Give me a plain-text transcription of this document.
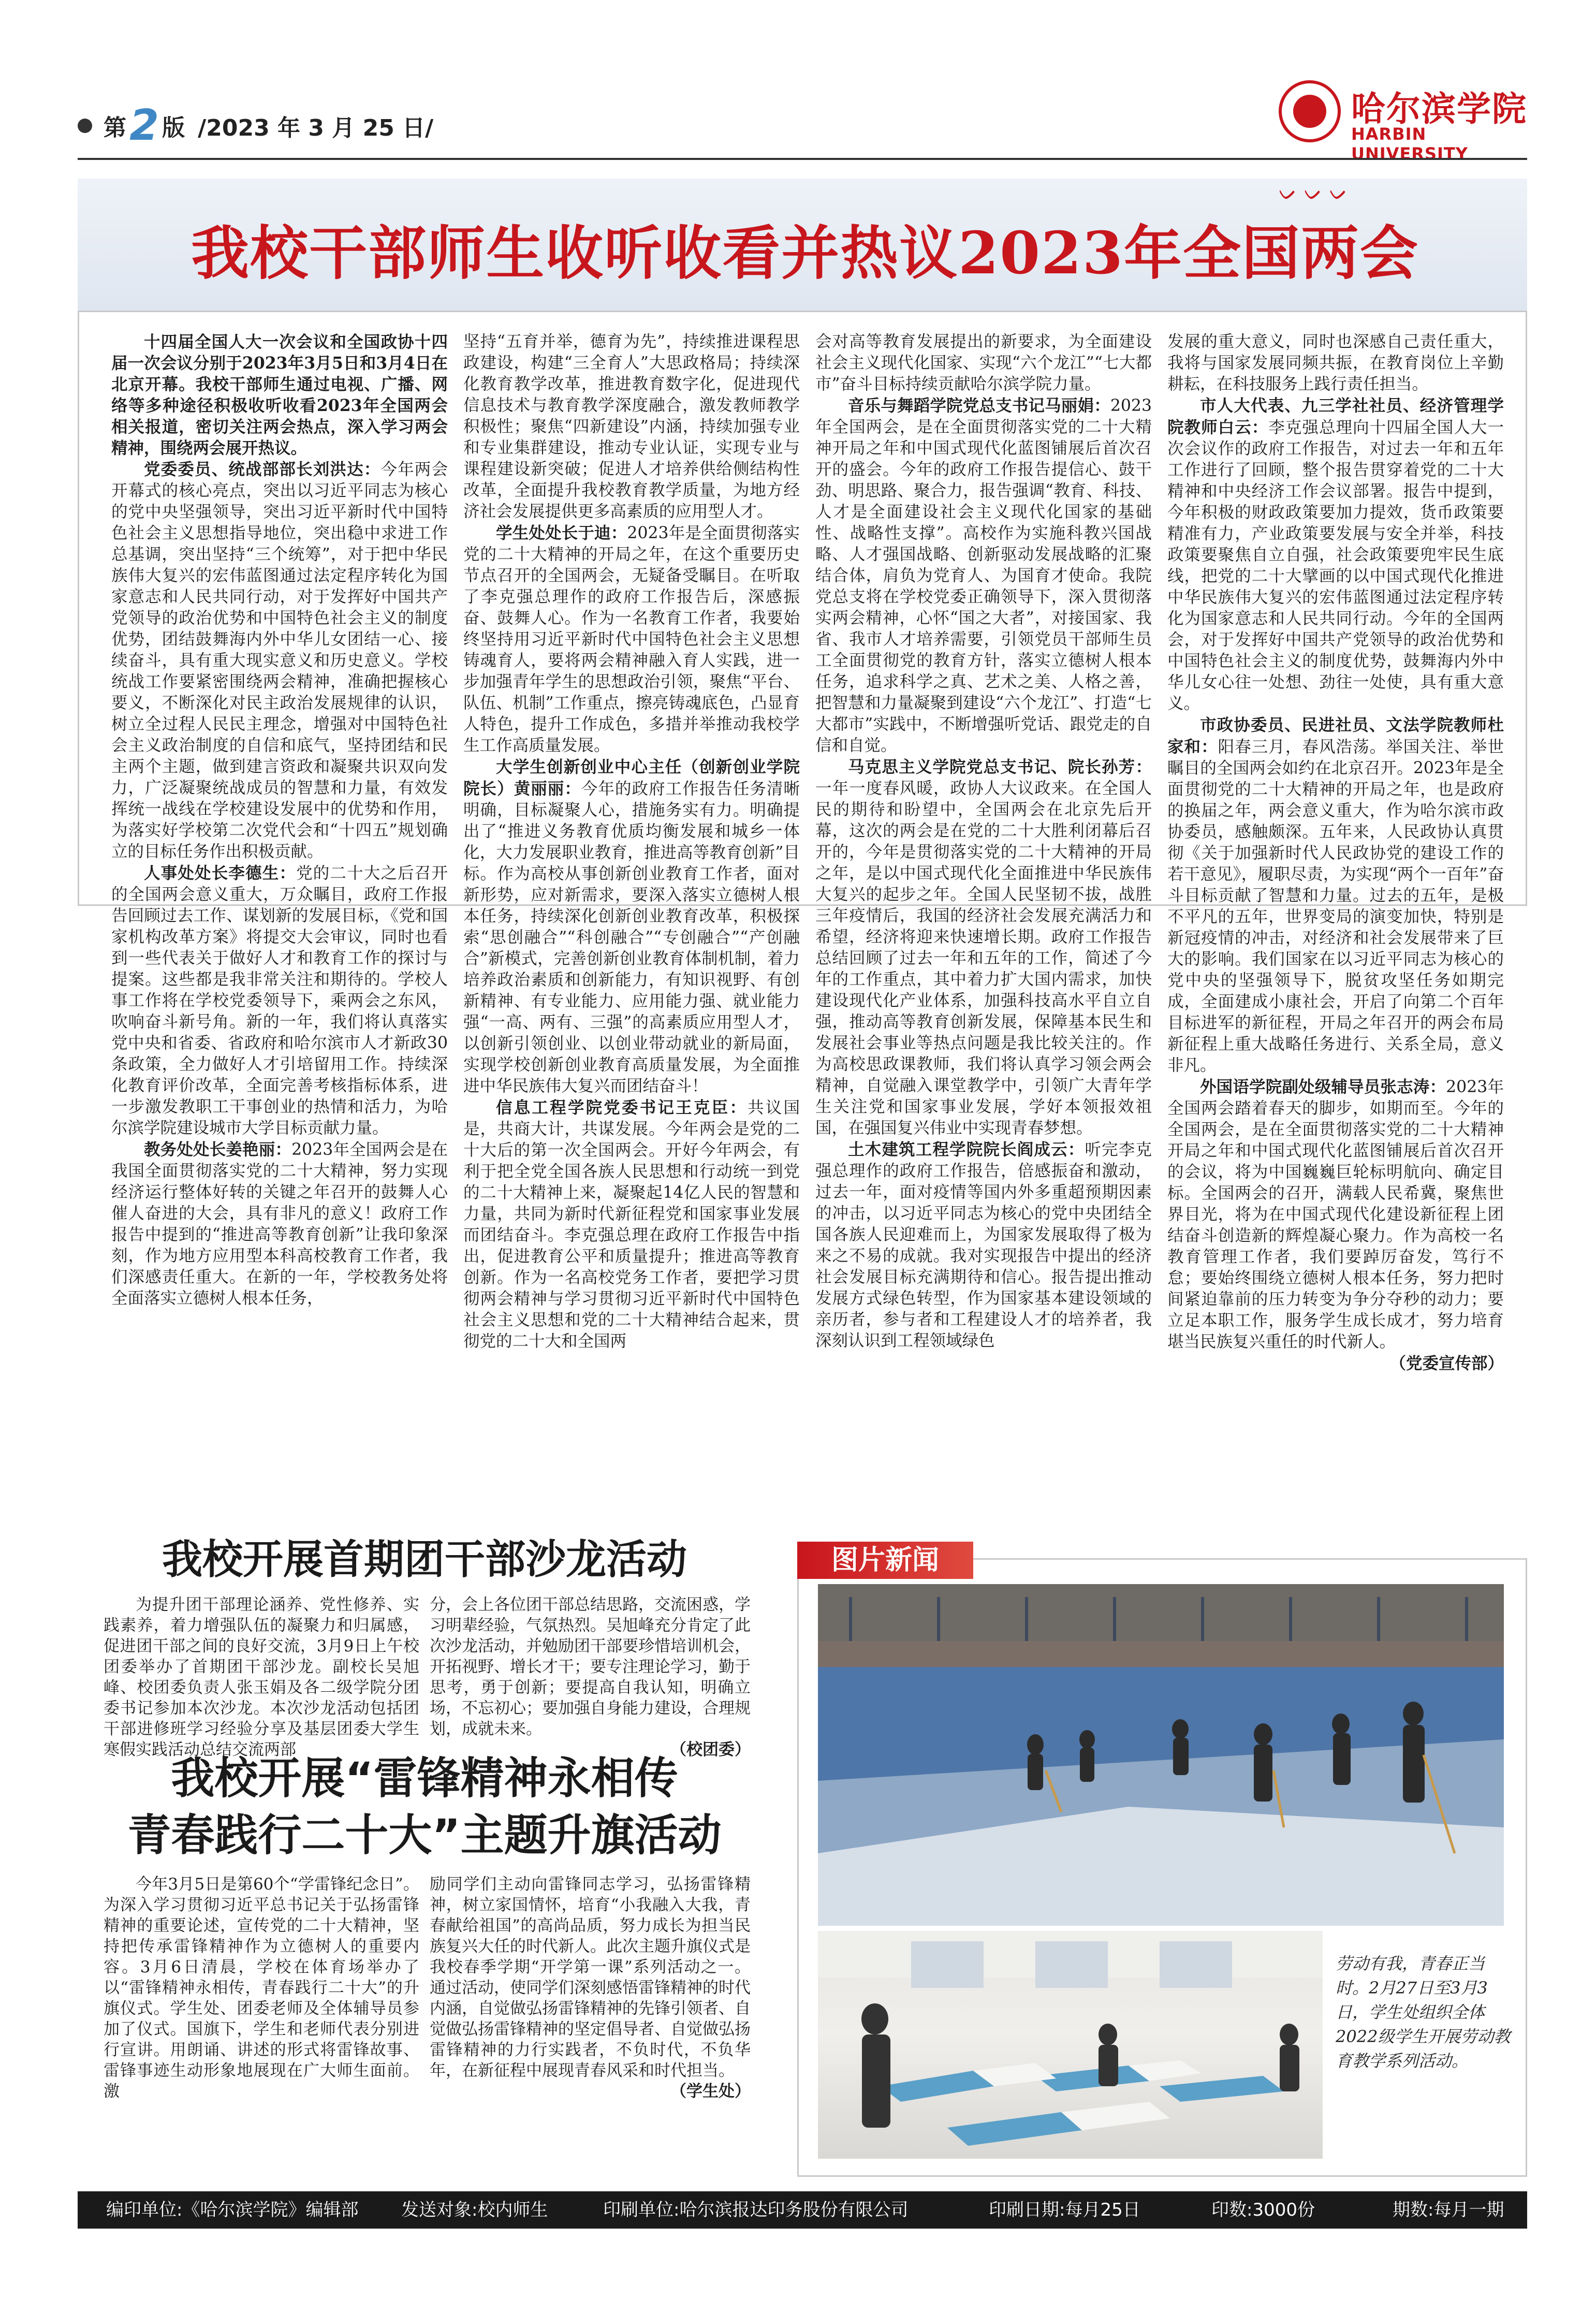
第2 版 /2023 年 3 月 25 日/	哈尔滨学院
HARBIN UNIVERSITY
ᨆ ᨆ ᨆ
我校干部师生收听收看并热议2023年全国两会

十四届全国人大一次会议和全国政协十四届一次会议分别于2023年3月5日和3月4日在北京开幕。我校干部师生通过电视、广播、网络等多种途径积极收听收看2023年全国两会相关报道，密切关注两会热点，深入学习两会精神，围绕两会展开热议。

党委委员、统战部部长刘洪达：今年两会开幕式的核心亮点，突出以习近平同志为核心的党中央坚强领导，突出习近平新时代中国特色社会主义思想指导地位，突出稳中求进工作总基调，突出坚持“三个统筹”，对于把中华民族伟大复兴的宏伟蓝图通过法定程序转化为国家意志和人民共同行动，对于发挥好中国共产党领导的政治优势和中国特色社会主义的制度优势，团结鼓舞海内外中华儿女团结一心、接续奋斗，具有重大现实意义和历史意义。学校统战工作要紧密围绕两会精神，准确把握核心要义，不断深化对民主政治发展规律的认识，树立全过程人民民主理念，增强对中国特色社会主义政治制度的自信和底气，坚持团结和民主两个主题，做到建言资政和凝聚共识双向发力，广泛凝聚统战成员的智慧和力量，有效发挥统一战线在学校建设发展中的优势和作用，为落实好学校第二次党代会和“十四五”规划确立的目标任务作出积极贡献。

人事处处长李德生：党的二十大之后召开的全国两会意义重大，万众瞩目，政府工作报告回顾过去工作、谋划新的发展目标，《党和国家机构改革方案》将提交大会审议，同时也看到一些代表关于做好人才和教育工作的探讨与提案。这些都是我非常关注和期待的。学校人事工作将在学校党委领导下，乘两会之东风，吹响奋斗新号角。新的一年，我们将认真落实党中央和省委、省政府和哈尔滨市人才新政30条政策，全力做好人才引培留用工作。持续深化教育评价改革，全面完善考核指标体系，进一步激发教职工干事创业的热情和活力，为哈尔滨学院建设城市大学目标贡献力量。

教务处处长姜艳丽：2023年全国两会是在我国全面贯彻落实党的二十大精神，努力实现经济运行整体好转的关键之年召开的鼓舞人心催人奋进的大会，具有非凡的意义！政府工作报告中提到的“推进高等教育创新”让我印象深刻，作为地方应用型本科高校教育工作者，我们深感责任重大。在新的一年，学校教务处将全面落实立德树人根本任务，

坚持“五育并举，德育为先”，持续推进课程思政建设，构建“三全育人”大思政格局；持续深化教育教学改革，推进教育数字化，促进现代信息技术与教育教学深度融合，激发教师教学积极性；聚焦“四新建设”内涵，持续加强专业和专业集群建设，推动专业认证，实现专业与课程建设新突破；促进人才培养供给侧结构性改革，全面提升我校教育教学质量，为地方经济社会发展提供更多高素质的应用型人才。

学生处处长于迪：2023年是全面贯彻落实党的二十大精神的开局之年，在这个重要历史节点召开的全国两会，无疑备受瞩目。在听取了李克强总理作的政府工作报告后，深感振奋、鼓舞人心。作为一名教育工作者，我要始终坚持用习近平新时代中国特色社会主义思想铸魂育人，要将两会精神融入育人实践，进一步加强青年学生的思想政治引领，聚焦“平台、队伍、机制”工作重点，擦亮铸魂底色，凸显育人特色，提升工作成色，多措并举推动我校学生工作高质量发展。

大学生创新创业中心主任（创新创业学院院长）黄丽丽：今年的政府工作报告任务清晰明确，目标凝聚人心，措施务实有力。明确提出了“推进义务教育优质均衡发展和城乡一体化，大力发展职业教育，推进高等教育创新”目标。作为高校从事创新创业教育工作者，面对新形势，应对新需求，要深入落实立德树人根本任务，持续深化创新创业教育改革，积极探索“思创融合”“科创融合”“专创融合”“产创融合”新模式，完善创新创业教育体制机制，着力培养政治素质和创新能力，有知识视野、有创新精神、有专业能力、应用能力强、就业能力强“一高、两有、三强”的高素质应用型人才，以创新引领创业、以创业带动就业的新局面，实现学校创新创业教育高质量发展，为全面推进中华民族伟大复兴而团结奋斗！

信息工程学院党委书记王克臣：共议国是，共商大计，共谋发展。今年两会是党的二十大后的第一次全国两会。开好今年两会，有利于把全党全国各族人民思想和行动统一到党的二十大精神上来，凝聚起14亿人民的智慧和力量，共同为新时代新征程党和国家事业发展而团结奋斗。李克强总理在政府工作报告中指出，促进教育公平和质量提升；推进高等教育创新。作为一名高校党务工作者，要把学习贯彻两会精神与学习贯彻习近平新时代中国特色社会主义思想和党的二十大精神结合起来，贯彻党的二十大和全国两

会对高等教育发展提出的新要求，为全面建设社会主义现代化国家、实现“六个龙江”“七大都市”奋斗目标持续贡献哈尔滨学院力量。

音乐与舞蹈学院党总支书记马丽娟：2023年全国两会，是在全面贯彻落实党的二十大精神开局之年和中国式现代化蓝图铺展后首次召开的盛会。今年的政府工作报告提信心、鼓干劲、明思路、聚合力，报告强调“教育、科技、人才是全面建设社会主义现代化国家的基础性、战略性支撑”。高校作为实施科教兴国战略、人才强国战略、创新驱动发展战略的汇聚结合体，肩负为党育人、为国育才使命。我院党总支将在学校党委正确领导下，深入贯彻落实两会精神，心怀“国之大者”，对接国家、我省、我市人才培养需要，引领党员干部师生员工全面贯彻党的教育方针，落实立德树人根本任务，追求科学之真、艺术之美、人格之善，把智慧和力量凝聚到建设“六个龙江”、打造“七大都市”实践中，不断增强听党话、跟党走的自信和自觉。

马克思主义学院党总支书记、院长孙芳：一年一度春风暖，政协人大议政来。在全国人民的期待和盼望中，全国两会在北京先后开幕，这次的两会是在党的二十大胜利闭幕后召开的，今年是贯彻落实党的二十大精神的开局之年，是以中国式现代化全面推进中华民族伟大复兴的起步之年。全国人民坚韧不拔，战胜三年疫情后，我国的经济社会发展充满活力和希望，经济将迎来快速增长期。政府工作报告总结回顾了过去一年和五年的工作，简述了今年的工作重点，其中着力扩大国内需求，加快建设现代化产业体系，加强科技高水平自立自强，推动高等教育创新发展，保障基本民生和发展社会事业等热点问题是我比较关注的。作为高校思政课教师，我们将认真学习领会两会精神，自觉融入课堂教学中，引领广大青年学生关注党和国家事业发展，学好本领报效祖国，在强国复兴伟业中实现青春梦想。

土木建筑工程学院院长阎成云：听完李克强总理作的政府工作报告，倍感振奋和激动，过去一年，面对疫情等国内外多重超预期因素的冲击，以习近平同志为核心的党中央团结全国各族人民迎难而上，为国家发展取得了极为来之不易的成就。我对实现报告中提出的经济社会发展目标充满期待和信心。报告提出推动发展方式绿色转型，作为国家基本建设领域的亲历者，参与者和工程建设人才的培养者，我深刻认识到工程领域绿色

发展的重大意义，同时也深感自己责任重大，我将与国家发展同频共振，在教育岗位上辛勤耕耘，在科技服务上践行责任担当。

市人大代表、九三学社社员、经济管理学院教师白云：李克强总理向十四届全国人大一次会议作的政府工作报告，对过去一年和五年工作进行了回顾，整个报告贯穿着党的二十大精神和中央经济工作会议部署。报告中提到，今年积极的财政政策要加力提效，货币政策要精准有力，产业政策要发展与安全并举，科技政策要聚焦自立自强，社会政策要兜牢民生底线，把党的二十大擘画的以中国式现代化推进中华民族伟大复兴的宏伟蓝图通过法定程序转化为国家意志和人民共同行动。今年的全国两会，对于发挥好中国共产党领导的政治优势和中国特色社会主义的制度优势，鼓舞海内外中华儿女心往一处想、劲往一处使，具有重大意义。

市政协委员、民进社员、文法学院教师杜家和：阳春三月，春风浩荡。举国关注、举世瞩目的全国两会如约在北京召开。2023年是全面贯彻党的二十大精神的开局之年，也是政府的换届之年，两会意义重大，作为哈尔滨市政协委员，感触颇深。五年来，人民政协认真贯彻《关于加强新时代人民政协党的建设工作的若干意见》，履职尽责，为实现“两个一百年”奋斗目标贡献了智慧和力量。过去的五年，是极不平凡的五年，世界变局的演变加快，特别是新冠疫情的冲击，对经济和社会发展带来了巨大的影响。我们国家在以习近平同志为核心的党中央的坚强领导下，脱贫攻坚任务如期完成，全面建成小康社会，开启了向第二个百年目标进军的新征程，开局之年召开的两会布局新征程上重大战略任务进行、关系全局，意义非凡。

外国语学院副处级辅导员张志涛：2023年全国两会踏着春天的脚步，如期而至。今年的全国两会，是在全面贯彻落实党的二十大精神开局之年和中国式现代化蓝图铺展后首次召开的会议，将为中国巍巍巨轮标明航向、确定目标。全国两会的召开，满载人民希冀，聚焦世界目光，将为在中国式现代化建设新征程上团结奋斗创造新的辉煌凝心聚力。作为高校一名教育管理工作者，我们要踔厉奋发，笃行不怠；要始终围绕立德树人根本任务，努力把时间紧迫靠前的压力转变为争分夺秒的动力；要立足本职工作，服务学生成长成才，努力培育堪当民族复兴重任的时代新人。

（党委宣传部）
我校开展首期团干部沙龙活动

为提升团干部理论涵养、党性修养、实践素养，着力增强队伍的凝聚力和归属感，促进团干部之间的良好交流，3月9日上午校团委举办了首期团干部沙龙。副校长吴旭峰、校团委负责人张玉娟及各二级学院分团委书记参加本次沙龙。本次沙龙活动包括团干部进修班学习经验分享及基层团委大学生寒假实践活动总结交流两部

分，会上各位团干部总结思路，交流困惑，学习明辈经验，气氛热烈。吴旭峰充分肯定了此次沙龙活动，并勉励团干部要珍惜培训机会，开拓视野、增长才干；要专注理论学习，勤于思考，勇于创新；要提高自我认知，明确立场，不忘初心；要加强自身能力建设，合理规划，成就未来。

（校团委）
我校开展“雷锋精神永相传
青春践行二十大”主题升旗活动

今年3月5日是第60个“学雷锋纪念日”。为深入学习贯彻习近平总书记关于弘扬雷锋精神的重要论述，宣传党的二十大精神，坚持把传承雷锋精神作为立德树人的重要内容。3月6日清晨，学校在体育场举办了以“雷锋精神永相传，青春践行二十大”的升旗仪式。学生处、团委老师及全体辅导员参加了仪式。国旗下，学生和老师代表分别进行宣讲。用朗诵、讲述的形式将雷锋故事、雷锋事迹生动形象地展现在广大师生面前。激

励同学们主动向雷锋同志学习，弘扬雷锋精神，树立家国情怀，培育“小我融入大我，青春献给祖国”的高尚品质，努力成长为担当民族复兴大任的时代新人。此次主题升旗仪式是我校春季学期“开学第一课”系列活动之一。通过活动，使同学们深刻感悟雷锋精神的时代内涵，自觉做弘扬雷锋精神的先锋引领者、自觉做弘扬雷锋精神的坚定倡导者、自觉做弘扬雷锋精神的力行实践者，不负时代，不负华年，在新征程中展现青春风采和时代担当。

（学生处）
图片新闻
劳动有我，青春正当时。2月27日至3月3日，学生处组织全体2022级学生开展劳动教育教学系列活动。
编印单位:《哈尔滨学院》编辑部 发送对象:校内师生	印刷单位:哈尔滨报达印务股份有限公司	印刷日期:每月25日	印数:3000份	期数:每月一期
